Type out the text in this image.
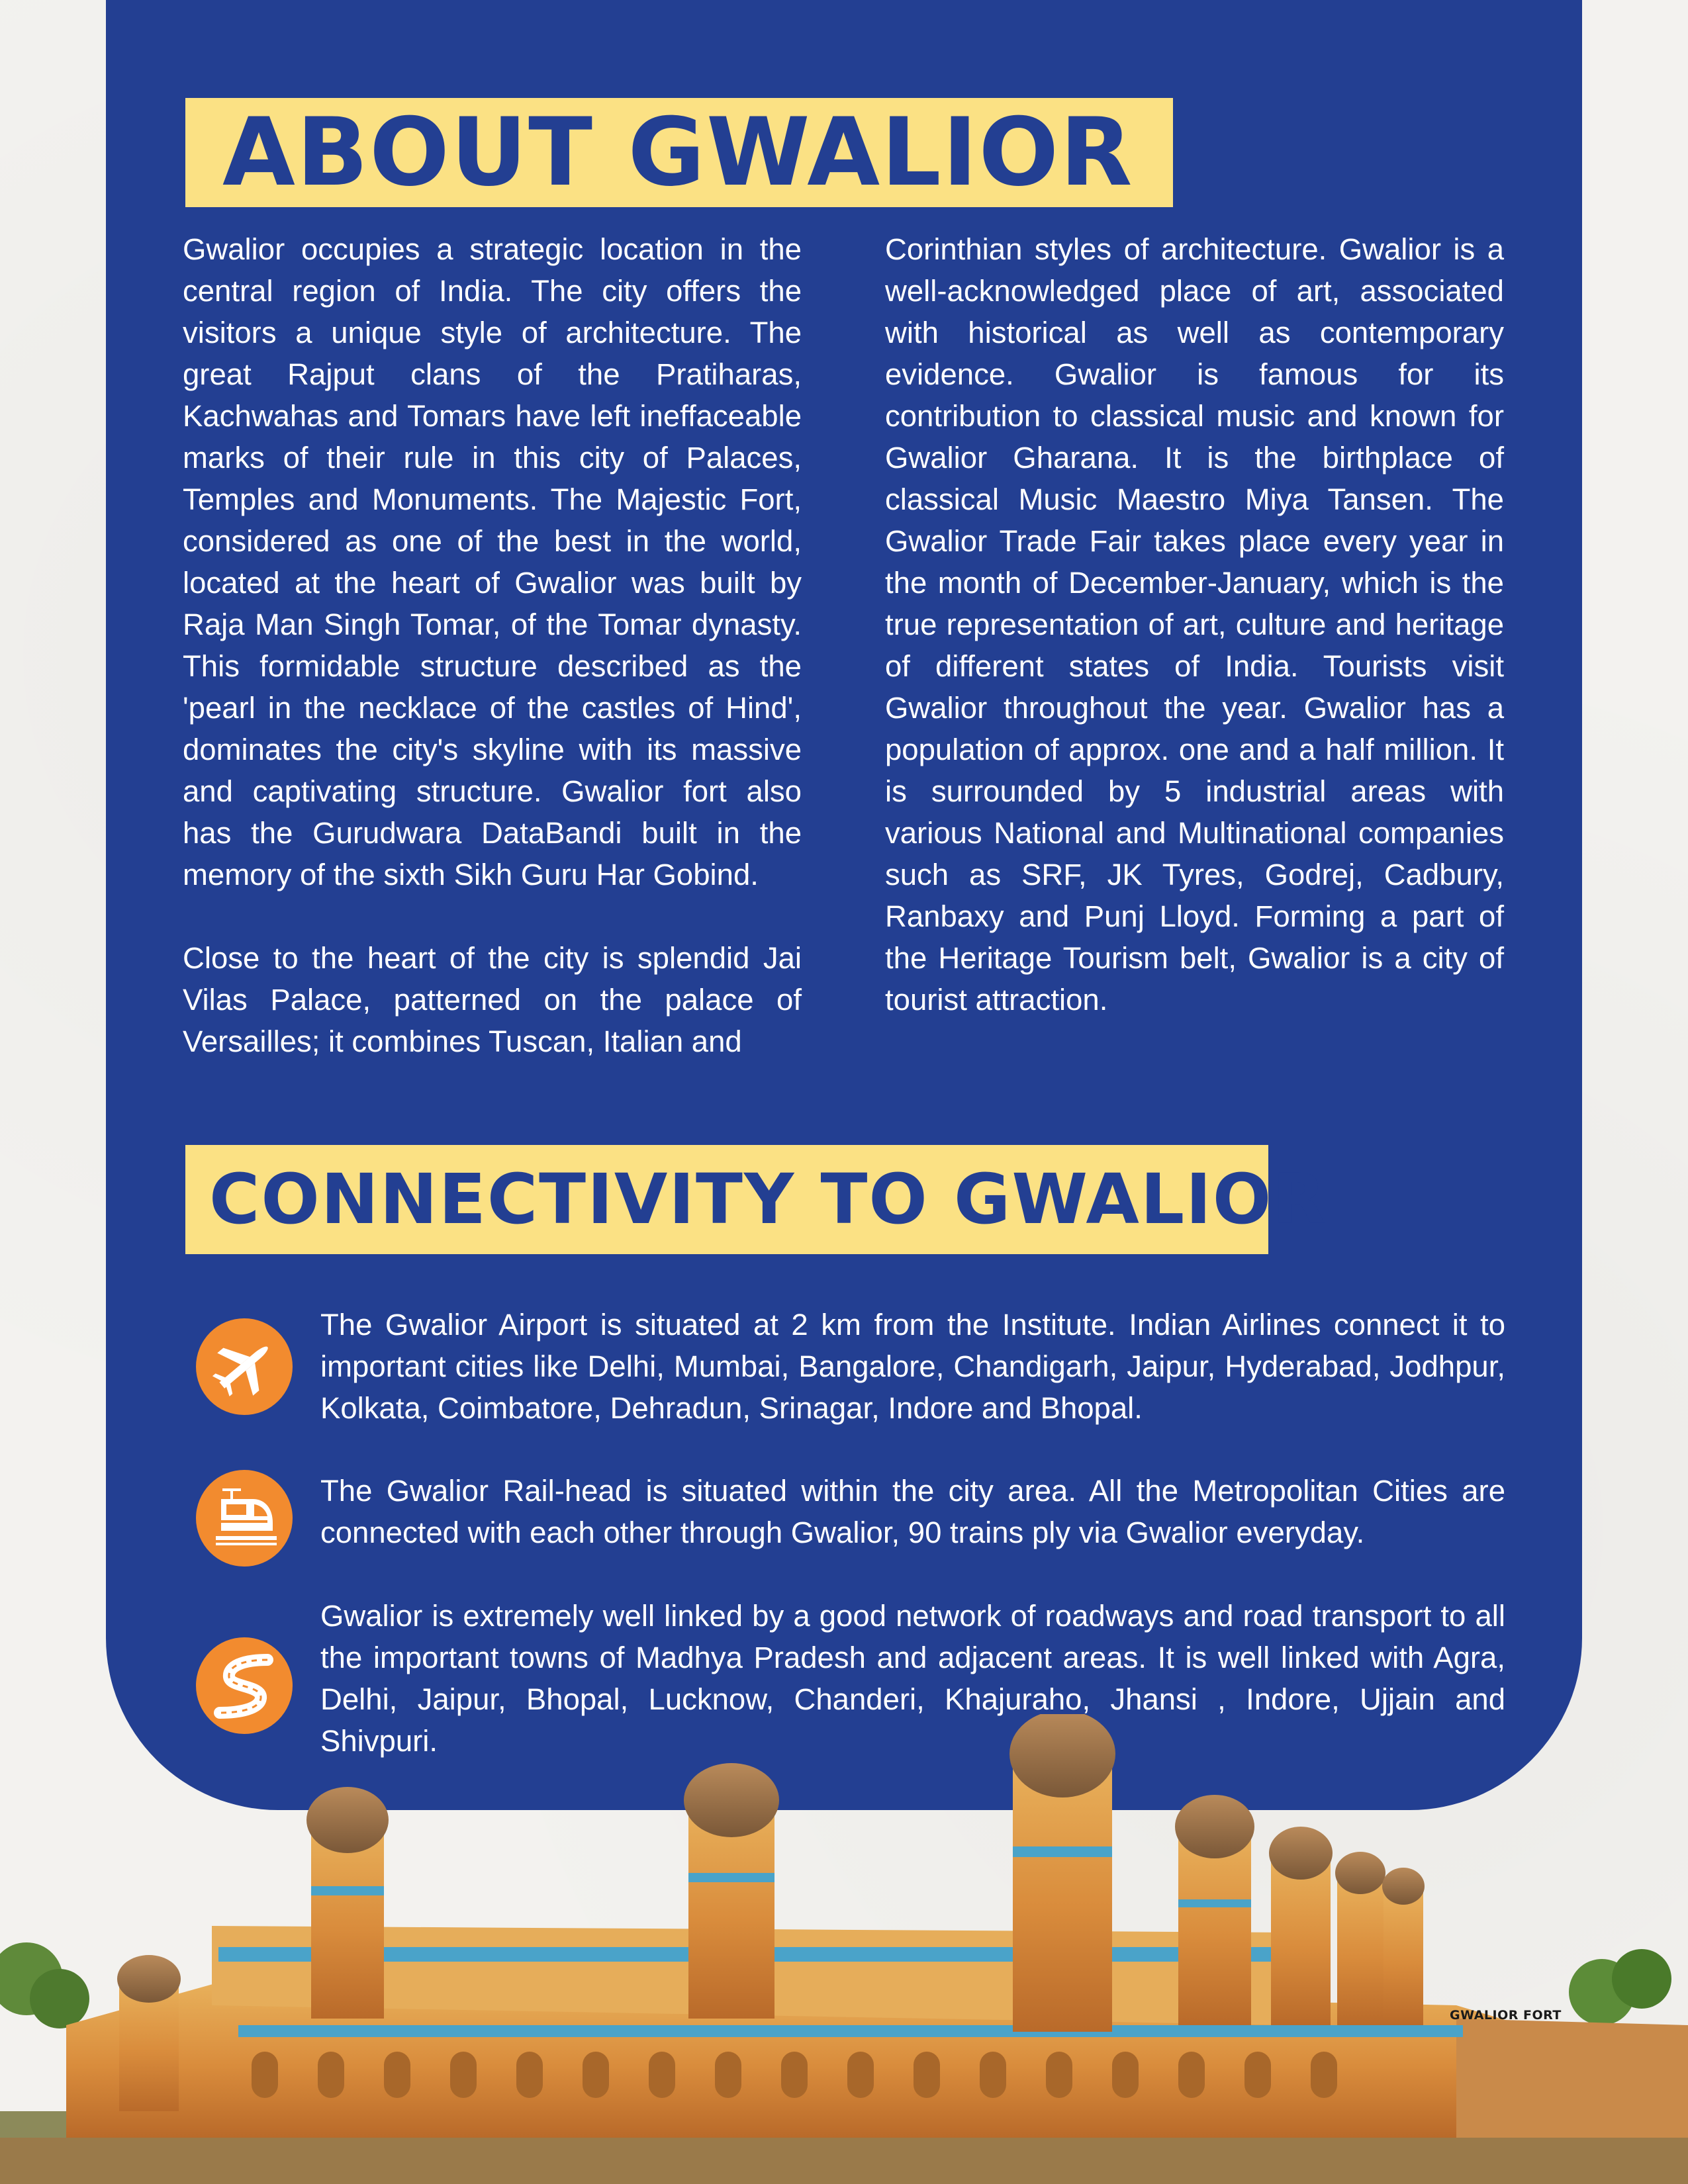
ABOUT GWALIOR

Gwalior occupies a strategic location in the central region of India. The city offers the visitors a unique style of architecture. The great Rajput clans of the Pratiharas, Kachwahas and Tomars have left ineffaceable marks of their rule in this city of Palaces, Temples and Monuments. The Majestic Fort, considered as one of the best in the world, located at the heart of Gwalior was built by Raja Man Singh Tomar, of the Tomar dynasty. This formidable structure described as the 'pearl in the necklace of the castles of Hind', dominates the city's skyline with its massive and captivating structure. Gwalior fort also has the Gurudwara DataBandi built in the memory of the sixth Sikh Guru Har Gobind.

Close to the heart of the city is splendid Jai Vilas Palace, patterned on the palace of Versailles; it combines Tuscan, Italian and

Corinthian styles of architecture. Gwalior is a well-acknowledged place of art, associated with historical as well as contemporary evidence. Gwalior is famous for its contribution to classical music and known for Gwalior Gharana. It is the birthplace of classical Music Maestro Miya Tansen. The Gwalior Trade Fair takes place every year in the month of December-January, which is the true representation of art, culture and heritage of different states of India. Tourists visit Gwalior throughout the year. Gwalior has a population of approx. one and a half million. It is surrounded by 5 industrial areas with various National and Multinational companies such as SRF, JK Tyres, Godrej, Cadbury, Ranbaxy and Punj Lloyd. Forming a part of the Heritage Tourism belt, Gwalior is a city of tourist attraction.

CONNECTIVITY TO GWALIOR
The Gwalior Airport is situated at 2 km from the Institute. Indian Airlines connect it to important cities like Delhi, Mumbai, Bangalore, Chandigarh, Jaipur, Hyderabad, Jodhpur, Kolkata, Coimbatore, Dehradun, Srinagar, Indore and Bhopal.
The Gwalior Rail-head is situated within the city area. All the Metropolitan Cities are connected with each other through Gwalior, 90 trains ply via Gwalior everyday.
Gwalior is extremely well linked by a good network of roadways and road transport to all the important towns of Madhya Pradesh and adjacent areas. It is well linked with Agra, Delhi, Jaipur, Bhopal, Lucknow, Chanderi, Khajuraho, Jhansi , Indore, Ujjain and Shivpuri.
GWALIOR FORT
